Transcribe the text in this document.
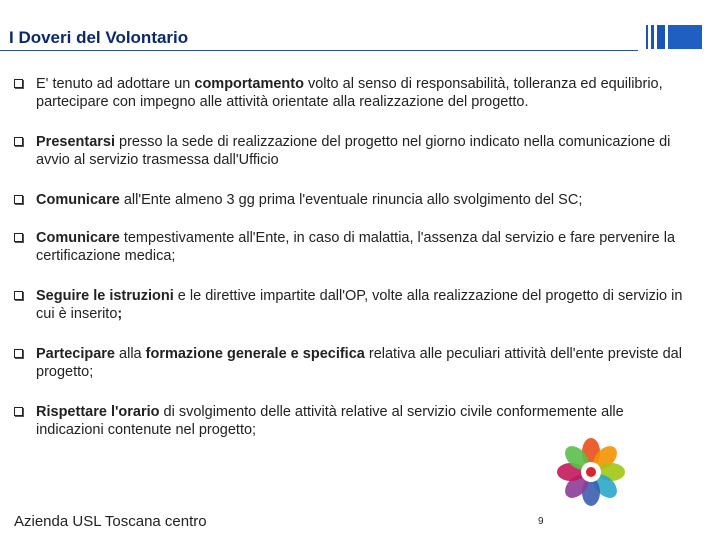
I Doveri del Volontario
E' tenuto ad adottare un comportamento volto al senso di responsabilità, tolleranza ed equilibrio, partecipare con impegno alle attività orientate alla realizzazione del progetto.
Presentarsi presso la sede di realizzazione del progetto nel giorno indicato nella comunicazione di avvio al servizio trasmessa dall'Ufficio
Comunicare all'Ente almeno 3 gg prima l'eventuale rinuncia allo svolgimento del SC;
Comunicare tempestivamente all'Ente, in caso di malattia, l'assenza dal servizio e fare pervenire la certificazione medica;
Seguire le istruzioni e le direttive impartite dall'OP, volte alla realizzazione del progetto di servizio in cui è inserito;
Partecipare alla formazione generale e specifica relativa alle peculiari attività dell'ente previste dal progetto;
Rispettare l'orario di svolgimento delle attività relative al servizio civile conformemente alle indicazioni contenute nel progetto;
Azienda USL Toscana centro	9
